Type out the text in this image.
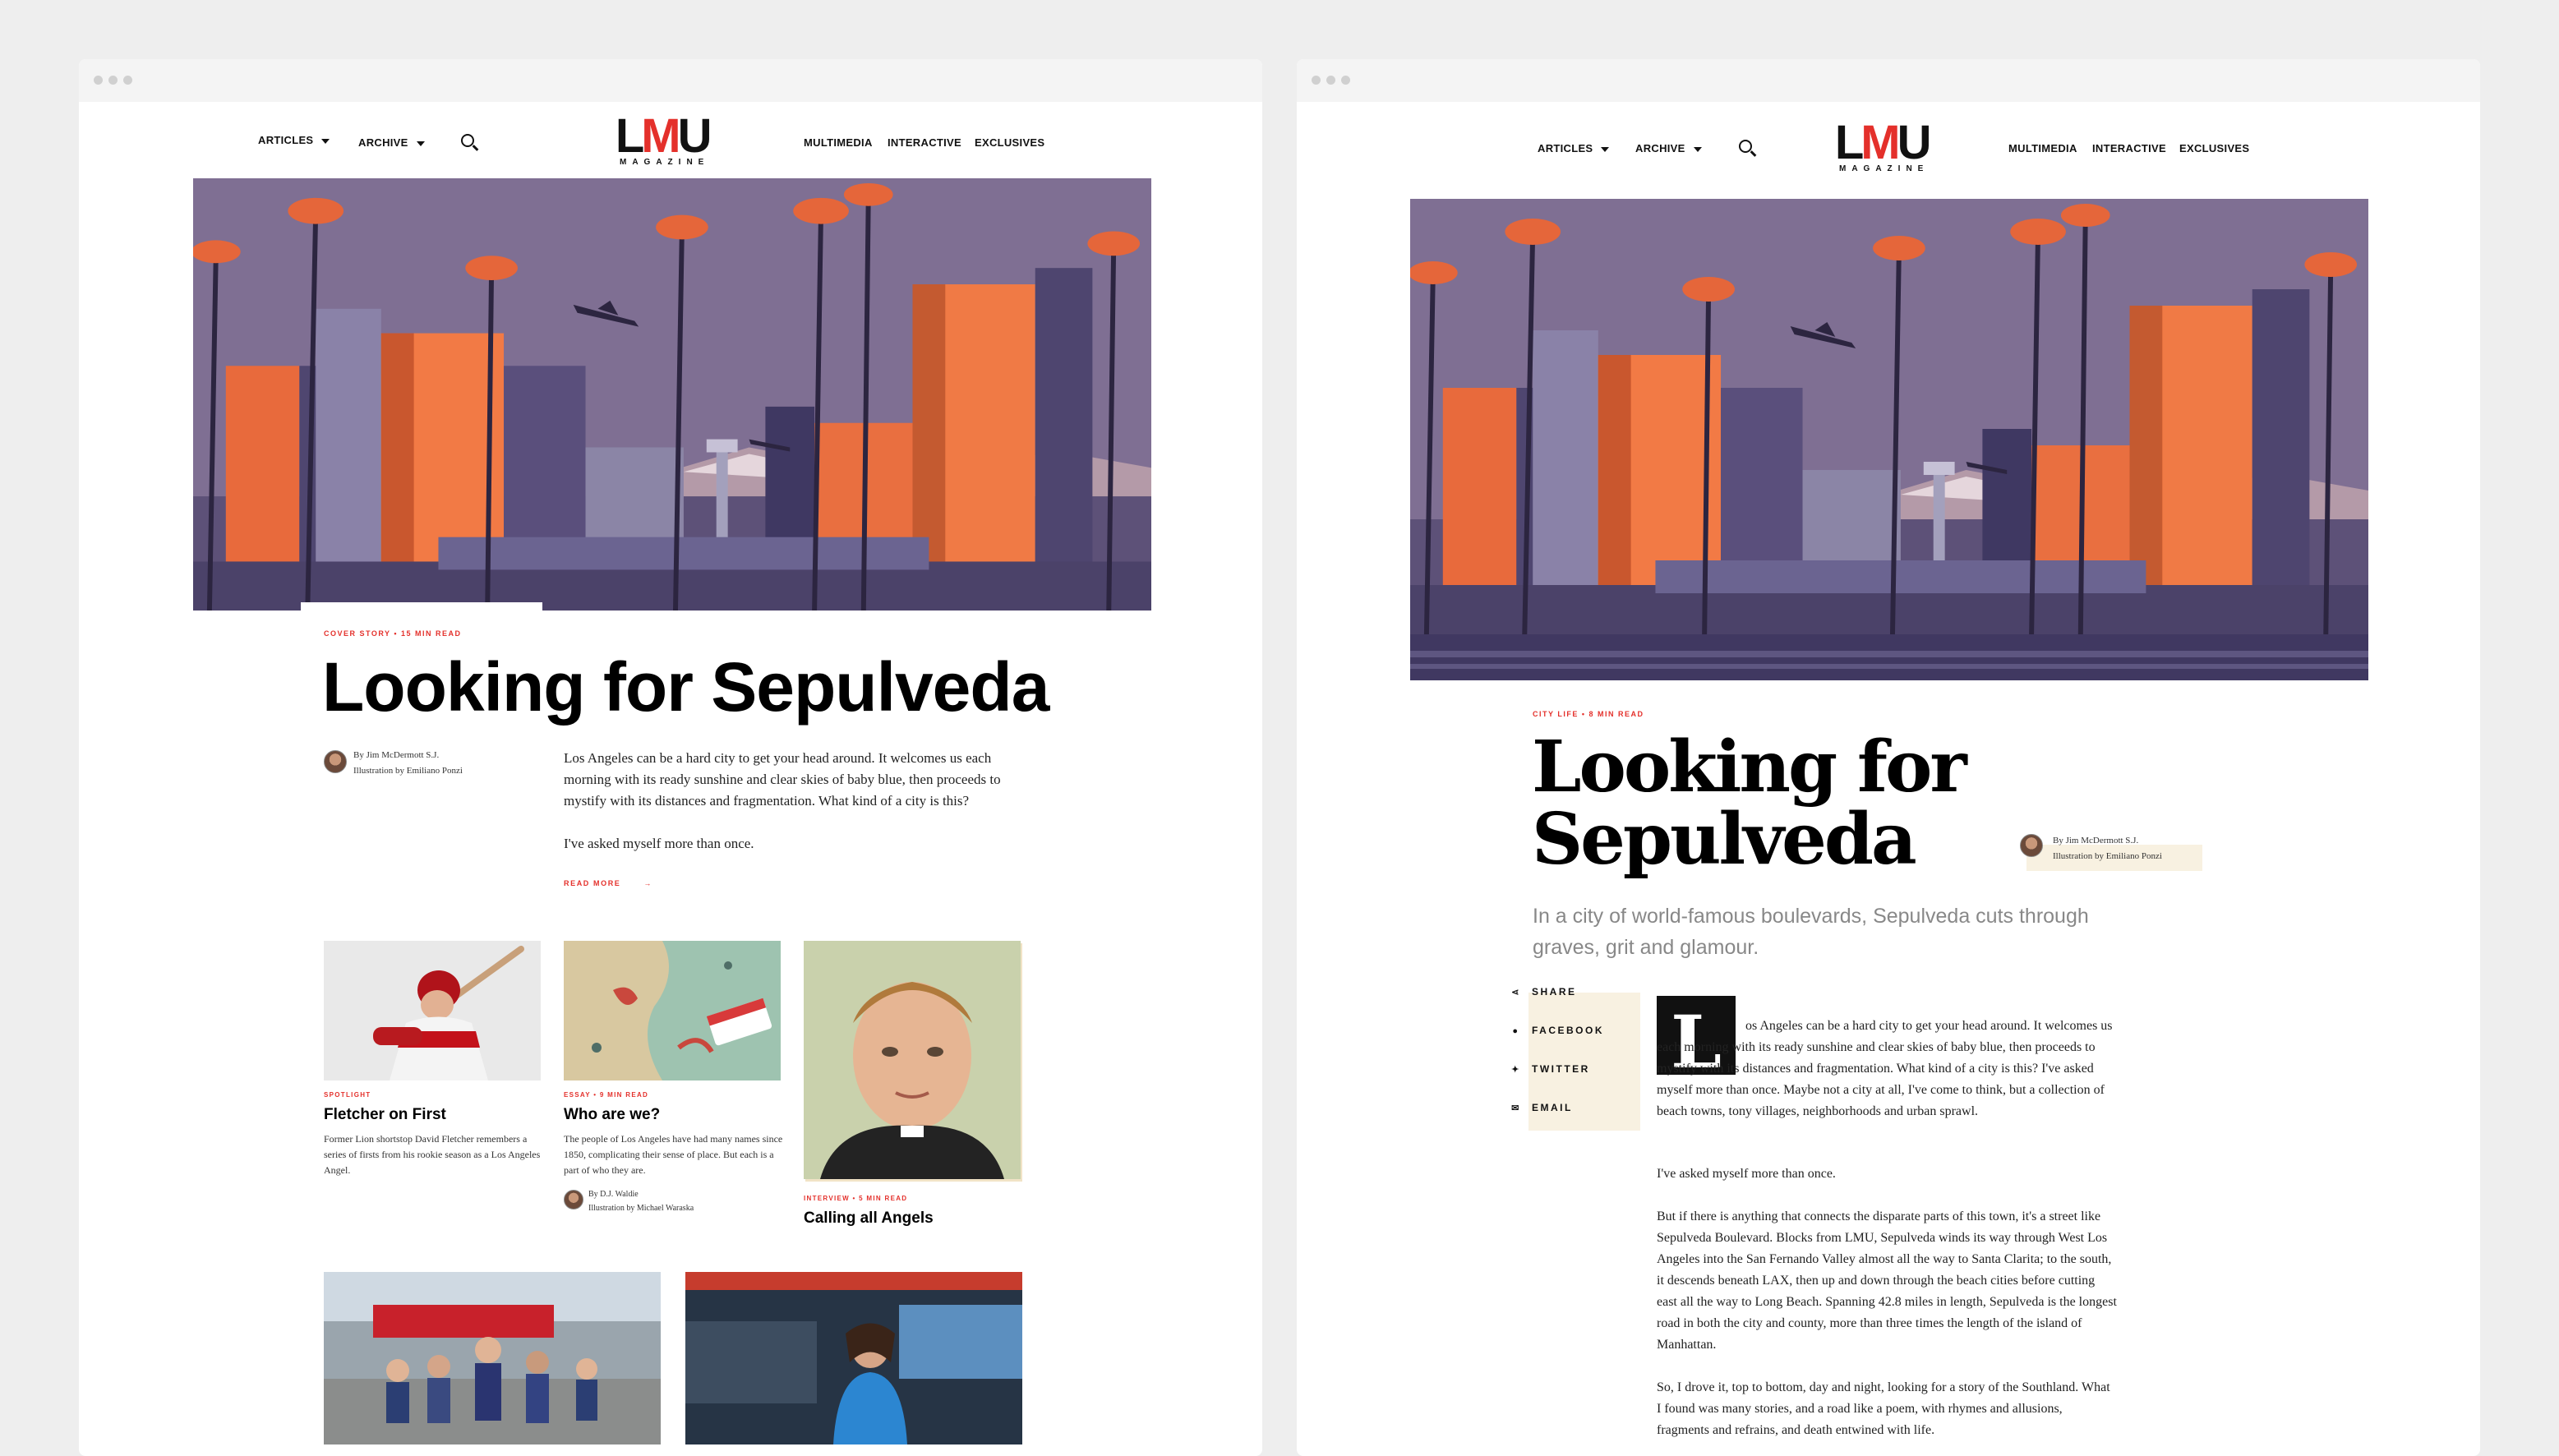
ARTICLES	ARCHIVE	LMU
MAGAZINE
MULTIMEDIA INTERACTIVE EXCLUSIVES
COVER STORY • 15 MIN READ
Looking for Sepulveda
By Jim McDermott S.J.
Illustration by Emiliano Ponzi
Los Angeles can be a hard city to get your head around. It welcomes us each morning with its ready sunshine and clear skies of baby blue, then proceeds to mystify with its distances and fragmentation. What kind of a city is this?
I've asked myself more than once.
READ MORE	→
SPOTLIGHT
Fletcher on First
Former Lion shortstop David Fletcher remembers a series of firsts from his rookie season as a Los Angeles Angel.
ESSAY • 9 MIN READ
Who are we?
The people of Los Angeles have had many names since 1850, complicating their sense of place. But each is a part of who they are.
By D.J. Waldie
Illustration by Michael Waraska
INTERVIEW • 5 MIN READ
Calling all Angels
ARTICLES	ARCHIVE	LMU
MAGAZINE
MULTIMEDIA INTERACTIVE EXCLUSIVES
CITY LIFE • 8 MIN READ
Looking for
Sepulveda	By Jim McDermott S.J.
Illustration by Emiliano Ponzi
In a city of world-famous boulevards, Sepulveda cuts through graves, grit and glamour.
⋖ SHARE
● FACEBOOK
✦ TWITTER
✉ EMAIL
L	os Angeles can be a hard city to get your head around. It welcomes us each morning with its ready sunshine and clear skies of baby blue, then proceeds to mystify with its distances and fragmentation. What kind of a city is this? I've asked myself more than once. Maybe not a city at all, I've come to think, but a collection of beach towns, tony villages, neighborhoods and urban sprawl.
I've asked myself more than once.
But if there is anything that connects the disparate parts of this town, it's a street like Sepulveda Boulevard. Blocks from LMU, Sepulveda winds its way through West Los Angeles into the San Fernando Valley almost all the way to Santa Clarita; to the south, it descends beneath LAX, then up and down through the beach cities before cutting east all the way to Long Beach. Spanning 42.8 miles in length, Sepulveda is the longest road in both the city and county, more than three times the length of the island of Manhattan.
So, I drove it, top to bottom, day and night, looking for a story of the Southland. What I found was many stories, and a road like a poem, with rhymes and allusions, fragments and refrains, and death entwined with life.
